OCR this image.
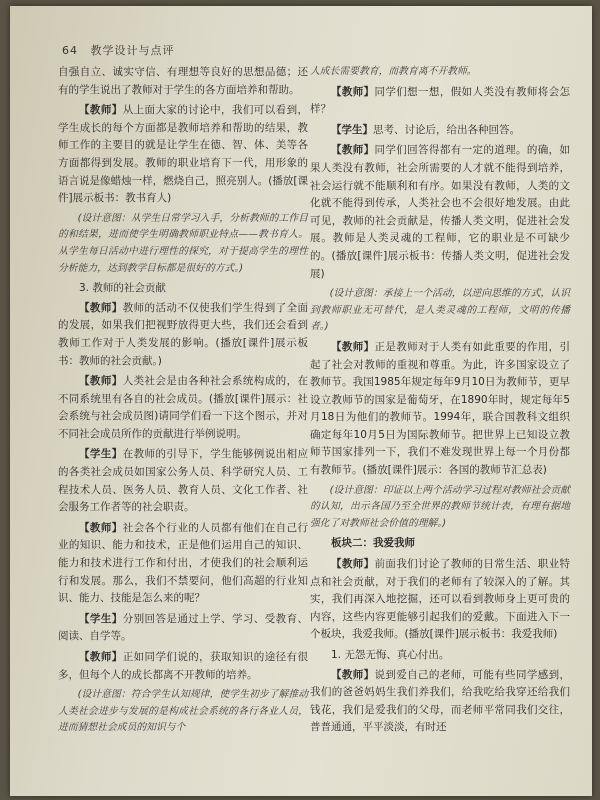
64 教学设计与点评

自强自立、诚实守信、有理想等良好的思想品德；还有的学生说出了教师对于学生的各方面培养和帮助。

【教师】从上面大家的讨论中，我们可以看到，学生成长的每个方面都是教师培养和帮助的结果，教师工作的主要目的就是让学生在德、智、体、美等各方面都得到发展。教师的职业培育下一代，用形象的语言说是像蜡烛一样，燃烧自己，照亮别人。(播放[课件]展示板书：教书育人)

(设计意图：从学生日常学习入手，分析教师的工作目的和结果，进而使学生明确教师职业特点——教书育人。从学生每日活动中进行理性的探究，对于提高学生的理性分析能力，达到教学目标都是很好的方式。)

3. 教师的社会贡献

【教师】教师的活动不仅使我们学生得到了全面的发展，如果我们把视野放得更大些，我们还会看到教师工作对于人类发展的影响。(播放[课件]展示板书：教师的社会贡献。)

【教师】人类社会是由各种社会系统构成的，在不同系统里有各自的社会成员。(播放[课件]展示：社会系统与社会成员图)请同学们看一下这个图示，并对不同社会成员所作的贡献进行举例说明。

【学生】在教师的引导下，学生能够例说出相应的各类社会成员如国家公务人员、科学研究人员、工程技术人员、医务人员、教育人员、文化工作者、社会服务工作者等的社会职责。

【教师】社会各个行业的人员都有他们在自己行业的知识、能力和技术，正是他们运用自己的知识、能力和技术进行工作和付出，才使我们的社会顺利运行和发展。那么，我们不禁要问，他们高超的行业知识、能力、技能是怎么来的呢？

【学生】分别回答是通过上学、学习、受教育、阅读、自学等。

【教师】正如同学们说的，获取知识的途径有很多，但每个人的成长都离不开教师的培养。

(设计意图：符合学生认知规律，使学生初步了解推动人类社会进步与发展的是构成社会系统的各行各业人员，进而猜想社会成员的知识与个

人成长需要教育，而教育离不开教师。

【教师】同学们想一想，假如人类没有教师将会怎样？

【学生】思考、讨论后，给出各种回答。

【教师】同学们回答得都有一定的道理。的确，如果人类没有教师，社会所需要的人才就不能得到培养，社会运行就不能顺利和有序。如果没有教师，人类的文化就不能得到传承，人类社会也不会很好地发展。由此可见，教师的社会贡献是，传播人类文明，促进社会发展。教师是人类灵魂的工程师，它的职业是不可缺少的。(播放[课件]展示板书：传播人类文明，促进社会发展)

(设计意图：承接上一个活动，以逆向思维的方式，认识到教师职业无可替代，是人类灵魂的工程师，文明的传播者。)

【教师】正是教师对于人类有如此重要的作用，引起了社会对教师的重视和尊重。为此，许多国家设立了教师节。我国1985年规定每年9月10日为教师节，更早设立教师节的国家是葡萄牙，在1890年时，规定每年5月18日为他们的教师节。1994年，联合国教科文组织确定每年10月5日为国际教师节。把世界上已知设立教师节国家排列一下，我们不难发现世界上每一个月份都有教师节。(播放[课件]展示：各国的教师节汇总表)

(设计意图：印证以上两个活动学习过程对教师社会贡献的认知，出示各国乃至全世界的教师节统计表，有理有据地强化了对教师社会价值的理解。)

板块二：我爱我师

【教师】前面我们讨论了教师的日常生活、职业特点和社会贡献，对于我们的老师有了较深入的了解。其实，我们再深入地挖掘，还可以看到教师身上更可贵的内容，这些内容更能够引起我们的爱戴。下面进入下一个板块，我爱我师。(播放[课件]展示板书：我爱我师)

1. 无怨无悔、真心付出。

【教师】说到爱自己的老师，可能有些同学感到，我们的爸爸妈妈生我们养我们，给我吃给我穿还给我们钱花，我们是爱我们的父母，而老师平常同我们交往，普普通通，平平淡淡，有时还
